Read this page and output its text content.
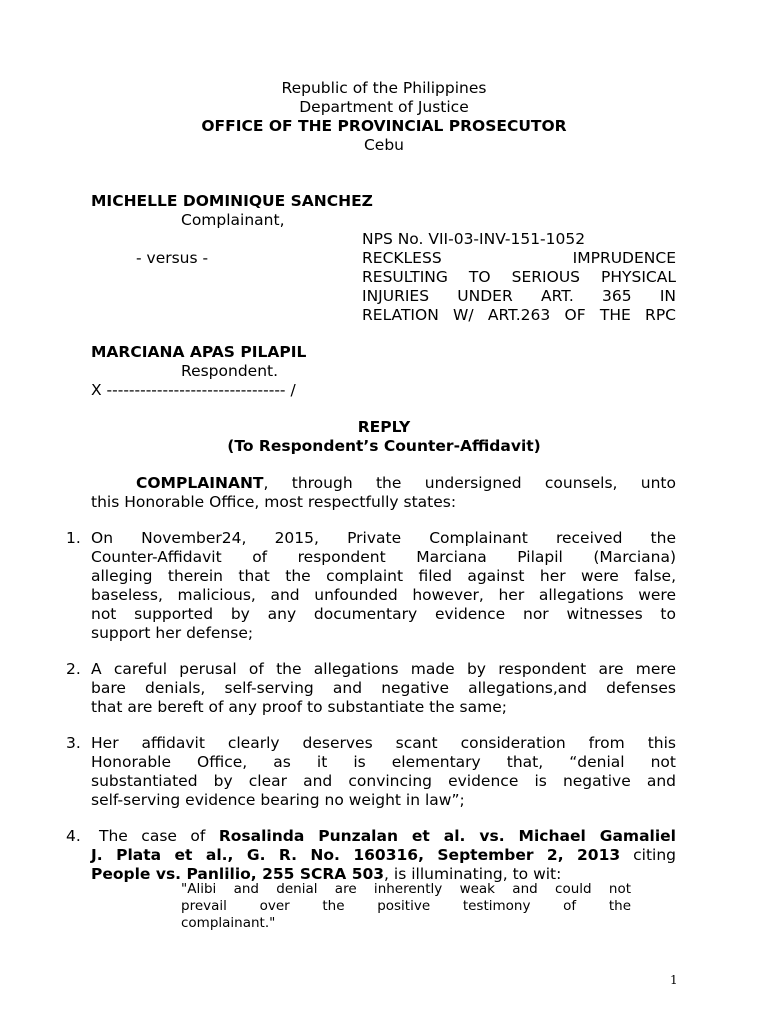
Republic of the Philippines
Department of Justice
OFFICE OF THE PROVINCIAL PROSECUTOR
Cebu
MICHELLE DOMINIQUE SANCHEZ
Complainant,
- versus -
NPS No. VII-03-INV-151-1052
RECKLESS IMPRUDENCE
RESULTING TO SERIOUS PHYSICAL
INJURIES UNDER ART. 365 IN
RELATION W/ ART.263 OF THE RPC
MARCIANA APAS PILAPIL
Respondent.
X -------------------------------- /
REPLY
(To Respondent’s Counter-Affidavit)
COMPLAINANT, through the undersigned counsels, unto
this Honorable Office, most respectfully states:
1. On November24, 2015, Private Complainant received the
Counter-Affidavit of respondent Marciana Pilapil (Marciana)
alleging therein that the complaint filed against her were false,
baseless, malicious, and unfounded however, her allegations were
not supported by any documentary evidence nor witnesses to
support her defense;
2. A careful perusal of the allegations made by respondent are mere
bare denials, self-serving and negative allegations,and defenses
that are bereft of any proof to substantiate the same;
3. Her affidavit clearly deserves scant consideration from this
Honorable Office, as it is elementary that, “denial not
substantiated by clear and convincing evidence is negative and
self-serving evidence bearing no weight in law”;
4. The case of Rosalinda Punzalan et al. vs. Michael Gamaliel
J. Plata et al., G. R. No. 160316, September 2, 2013 citing
People vs. Panlilio, 255 SCRA 503, is illuminating, to wit:
"Alibi and denial are inherently weak and could not
prevail over the positive testimony of the
complainant."
1
